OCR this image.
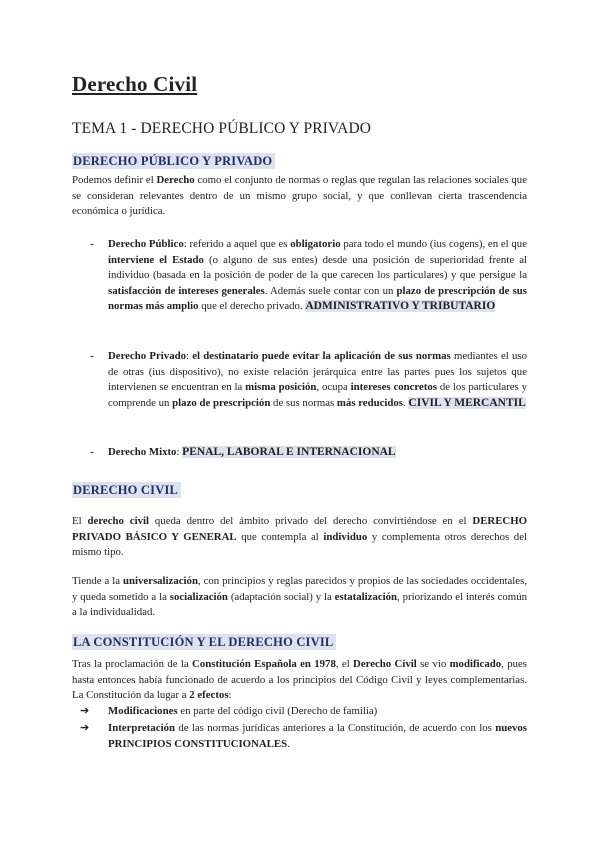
Derecho Civil
TEMA 1 - DERECHO PÚBLICO Y PRIVADO
DERECHO PÚBLICO Y PRIVADO
Podemos definir el Derecho como el conjunto de normas o reglas que regulan las relaciones sociales que se consideran relevantes dentro de un mismo grupo social, y que conllevan cierta trascendencia económica o jurídica.
- Derecho Público: referido a aquel que es obligatorio para todo el mundo (ius cogens), en el que interviene el Estado (o alguno de sus entes) desde una posición de superioridad frente al individuo (basada en la posición de poder de la que carecen los particulares) y que persigue la satisfacción de intereses generales. Además suele contar con un plazo de prescripción de sus normas más amplio que el derecho privado. ADMINISTRATIVO Y TRIBUTARIO
- Derecho Privado: el destinatario puede evitar la aplicación de sus normas mediantes el uso de otras (ius dispositivo), no existe relación jerárquica entre las partes pues los sujetos que intervienen se encuentran en la misma posición, ocupa intereses concretos de los particulares y comprende un plazo de prescripción de sus normas más reducidos. CIVIL Y MERCANTIL
- Derecho Mixto: PENAL, LABORAL E INTERNACIONAL
DERECHO CIVIL
El derecho civil queda dentro del ámbito privado del derecho convirtiéndose en el DERECHO PRIVADO BÁSICO Y GENERAL que contempla al individuo y complementa otros derechos del mismo tipo.
Tiende a la universalización, con principios y reglas parecidos y propios de las sociedades occidentales, y queda sometido a la socialización (adaptación social) y la estatalización, priorizando el interés común a la individualidad.
LA CONSTITUCIÓN Y EL DERECHO CIVIL
Tras la proclamación de la Constitución Española en 1978, el Derecho Civil se vio modificado, pues hasta entonces había funcionado de acuerdo a los principios del Código Civil y leyes complementarias. La Constitución da lugar a 2 efectos:
➔ Modificaciones en parte del código civil (Derecho de familia)
➔ Interpretación de las normas jurídicas anteriores a la Constitución, de acuerdo con los nuevos PRINCIPIOS CONSTITUCIONALES.
